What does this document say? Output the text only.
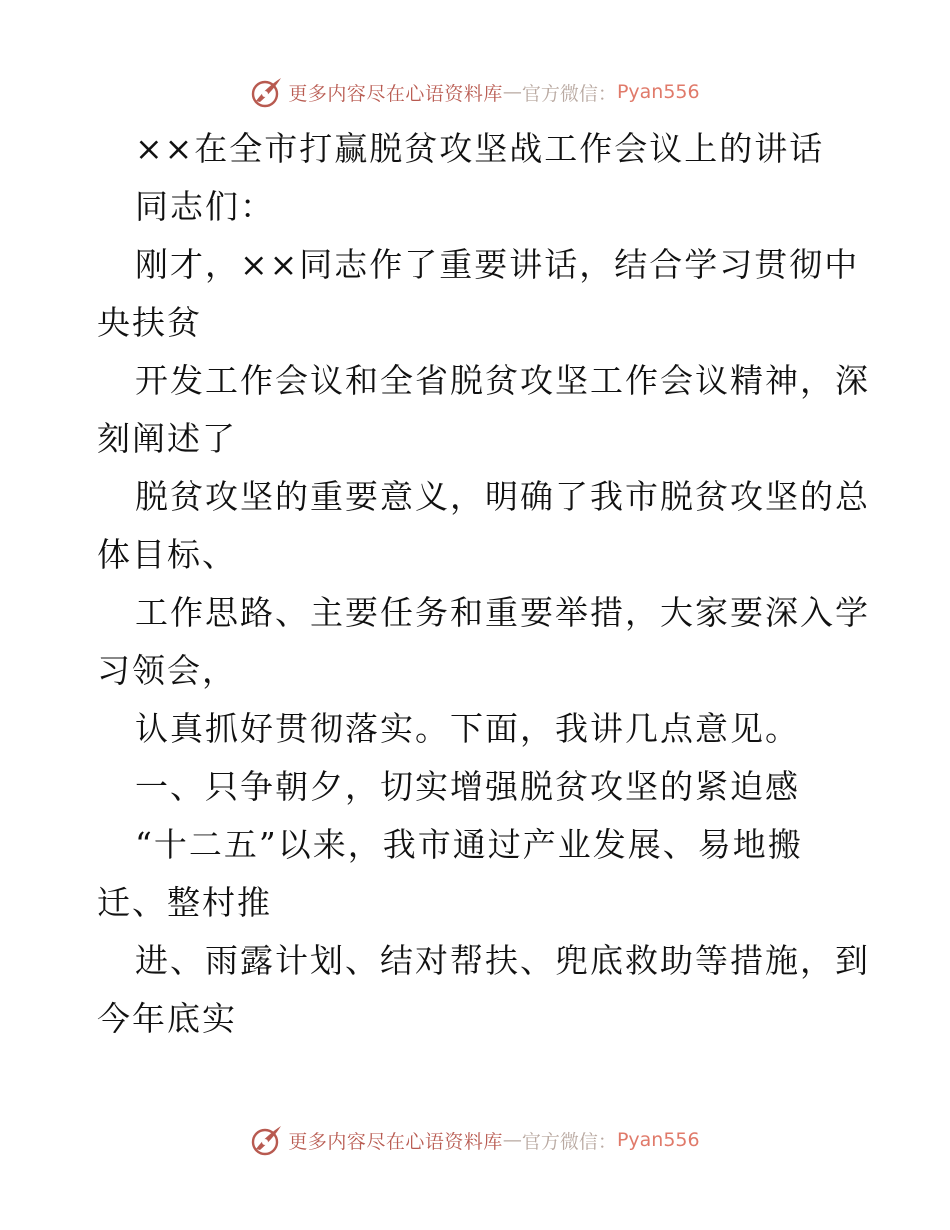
更多内容尽在心语资料库 — 官方微信： Pyan556

××在全市打赢脱贫攻坚战工作会议上的讲话

同志们：

刚才，××同志作了重要讲话，结合学习贯彻中
央扶贫

开发工作会议和全省脱贫攻坚工作会议精神，深
刻阐述了

脱贫攻坚的重要意义，明确了我市脱贫攻坚的总
体目标、

工作思路、主要任务和重要举措，大家要深入学
习领会，

认真抓好贯彻落实。下面，我讲几点意见。

一、只争朝夕，切实增强脱贫攻坚的紧迫感

“十二五”以来，我市通过产业发展、易地搬
迁、整村推

进、雨露计划、结对帮扶、兜底救助等措施，到
今年底实

更多内容尽在心语资料库 — 官方微信： Pyan556
